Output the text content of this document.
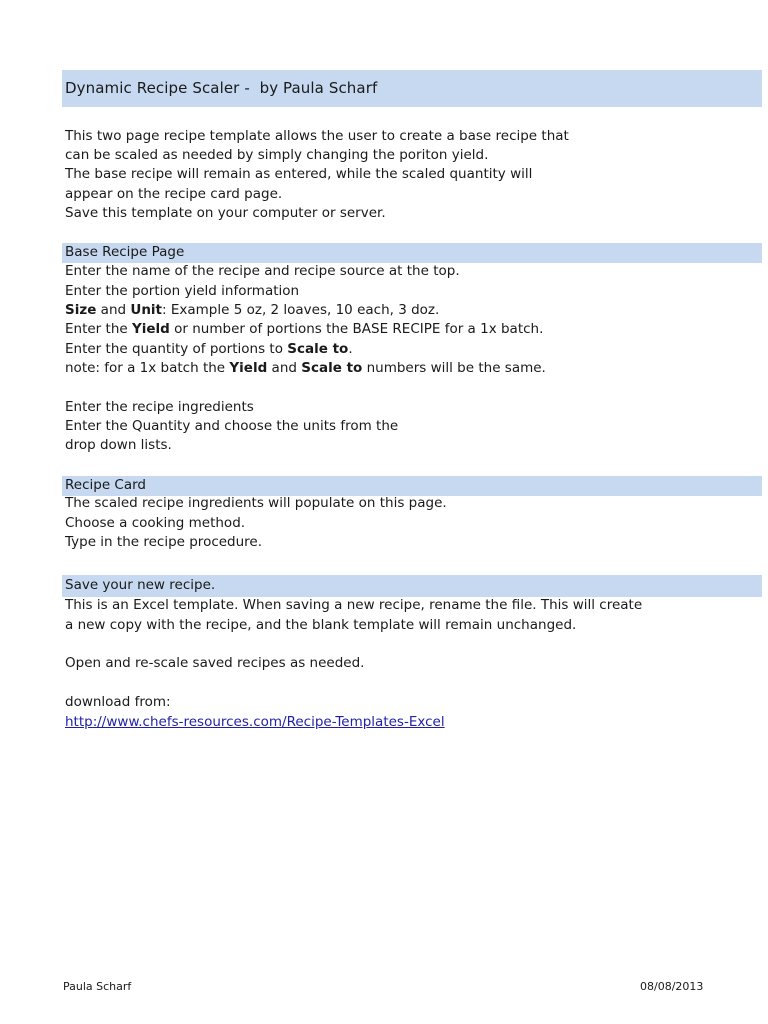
Dynamic Recipe Scaler -  by Paula Scharf
This two page recipe template allows the user to create a base recipe that
can be scaled as needed by simply changing the poriton yield.
The base recipe will remain as entered, while the scaled quantity will
appear on the recipe card page.
Save this template on your computer or server.
Base Recipe Page
Enter the name of the recipe and recipe source at the top.
Enter the portion yield information
Size and Unit: Example 5 oz, 2 loaves, 10 each, 3 doz.
Enter the Yield or number of portions the BASE RECIPE for a 1x batch.
Enter the quantity of portions to Scale to.
note: for a 1x batch the Yield and Scale to numbers will be the same.
Enter the recipe ingredients
Enter the Quantity and choose the units from the
drop down lists.
Recipe Card
The scaled recipe ingredients will populate on this page.
Choose a cooking method.
Type in the recipe procedure.
Save your new recipe.
This is an Excel template. When saving a new recipe, rename the file. This will create
a new copy with the recipe, and the blank template will remain unchanged.
Open and re-scale saved recipes as needed.
download from:
http://www.chefs-resources.com/Recipe-Templates-Excel
Paula Scharf	08/08/2013
